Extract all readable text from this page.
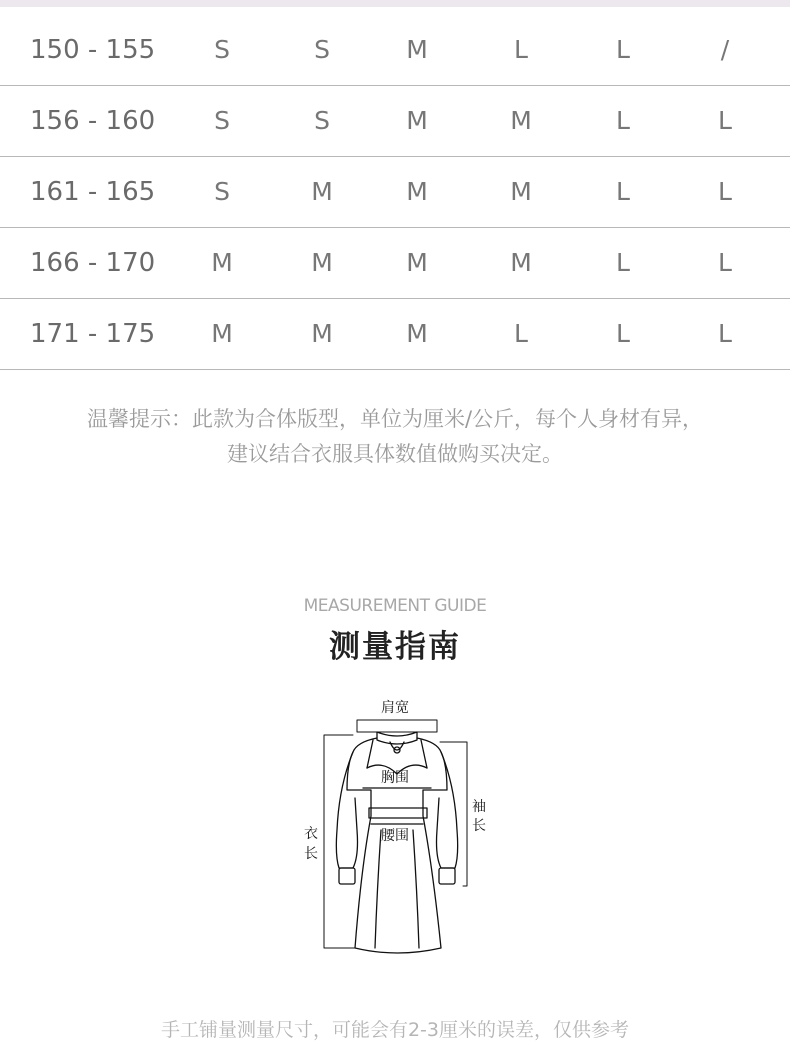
150 - 155	S	S	M	L	L	/
156 - 160	S	S	M	M	L	L
161 - 165	S	M	M	M	L	L
166 - 170	M	M	M	M	L	L
171 - 175	M	M	M	L	L	L
温馨提示：此款为合体版型，单位为厘米/公斤，每个人身材有异，
建议结合衣服具体数值做购买决定。
MEASUREMENT GUIDE
测量指南
肩宽
胸围
腰围
袖
长
衣
长
手工铺量测量尺寸，可能会有2-3厘米的误差，仅供参考
